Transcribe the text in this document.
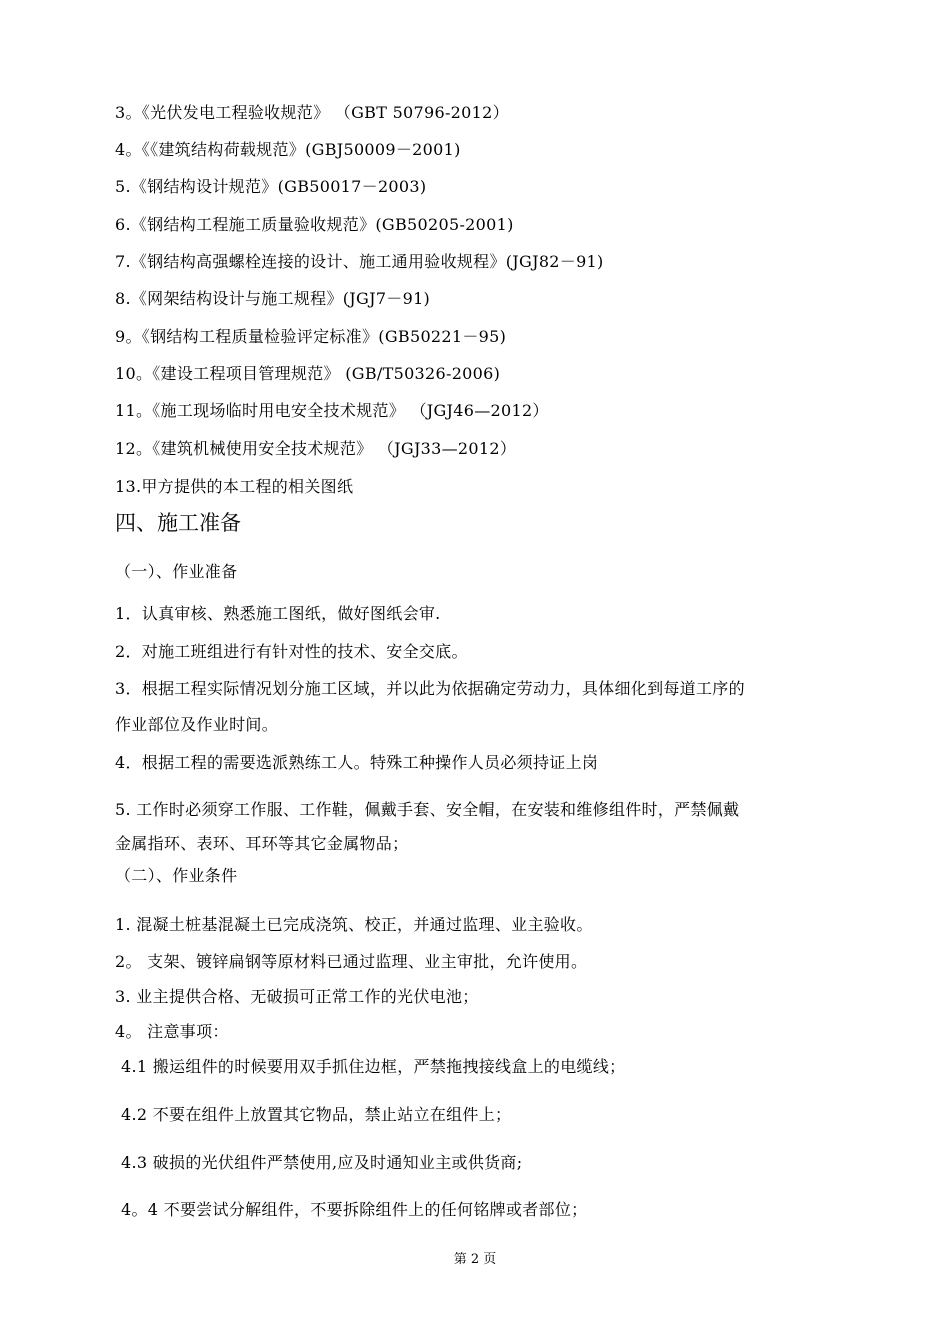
3。《光伏发电工程验收规范》 （GBT 50796-2012）
4。《《建筑结构荷载规范》(GBJ50009－2001)
5.《钢结构设计规范》(GB50017－2003)
6.《钢结构工程施工质量验收规范》(GB50205-2001)
7.《钢结构高强螺栓连接的设计、施工通用验收规程》(JGJ82－91)
8.《网架结构设计与施工规程》(JGJ7－91)
9。《钢结构工程质量检验评定标准》(GB50221－95)
10。《建设工程项目管理规范》 (GB/T50326-2006)
11。《施工现场临时用电安全技术规范》 （JGJ46—2012）
12。《建筑机械使用安全技术规范》 （JGJ33—2012）
13.甲方提供的本工程的相关图纸
四、施工准备
（一）、作业准备
1．认真审核、熟悉施工图纸，做好图纸会审.
2．对施工班组进行有针对性的技术、安全交底。
3．根据工程实际情况划分施工区域，并以此为依据确定劳动力，具体细化到每道工序的
作业部位及作业时间。
4．根据工程的需要选派熟练工人。特殊工种操作人员必须持证上岗
5. 工作时必须穿工作服、工作鞋，佩戴手套、安全帽，在安装和维修组件时，严禁佩戴
金属指环、表环、耳环等其它金属物品；
（二）、作业条件
1. 混凝土桩基混凝土已完成浇筑、校正，并通过监理、业主验收。
2。 支架、镀锌扁钢等原材料已通过监理、业主审批，允许使用。
3. 业主提供合格、无破损可正常工作的光伏电池；
4。 注意事项：
4.1 搬运组件的时候要用双手抓住边框，严禁拖拽接线盒上的电缆线；
4.2 不要在组件上放置其它物品，禁止站立在组件上；
4.3 破损的光伏组件严禁使用,应及时通知业主或供货商;
4。4 不要尝试分解组件，不要拆除组件上的任何铭牌或者部位；
第 2 页
